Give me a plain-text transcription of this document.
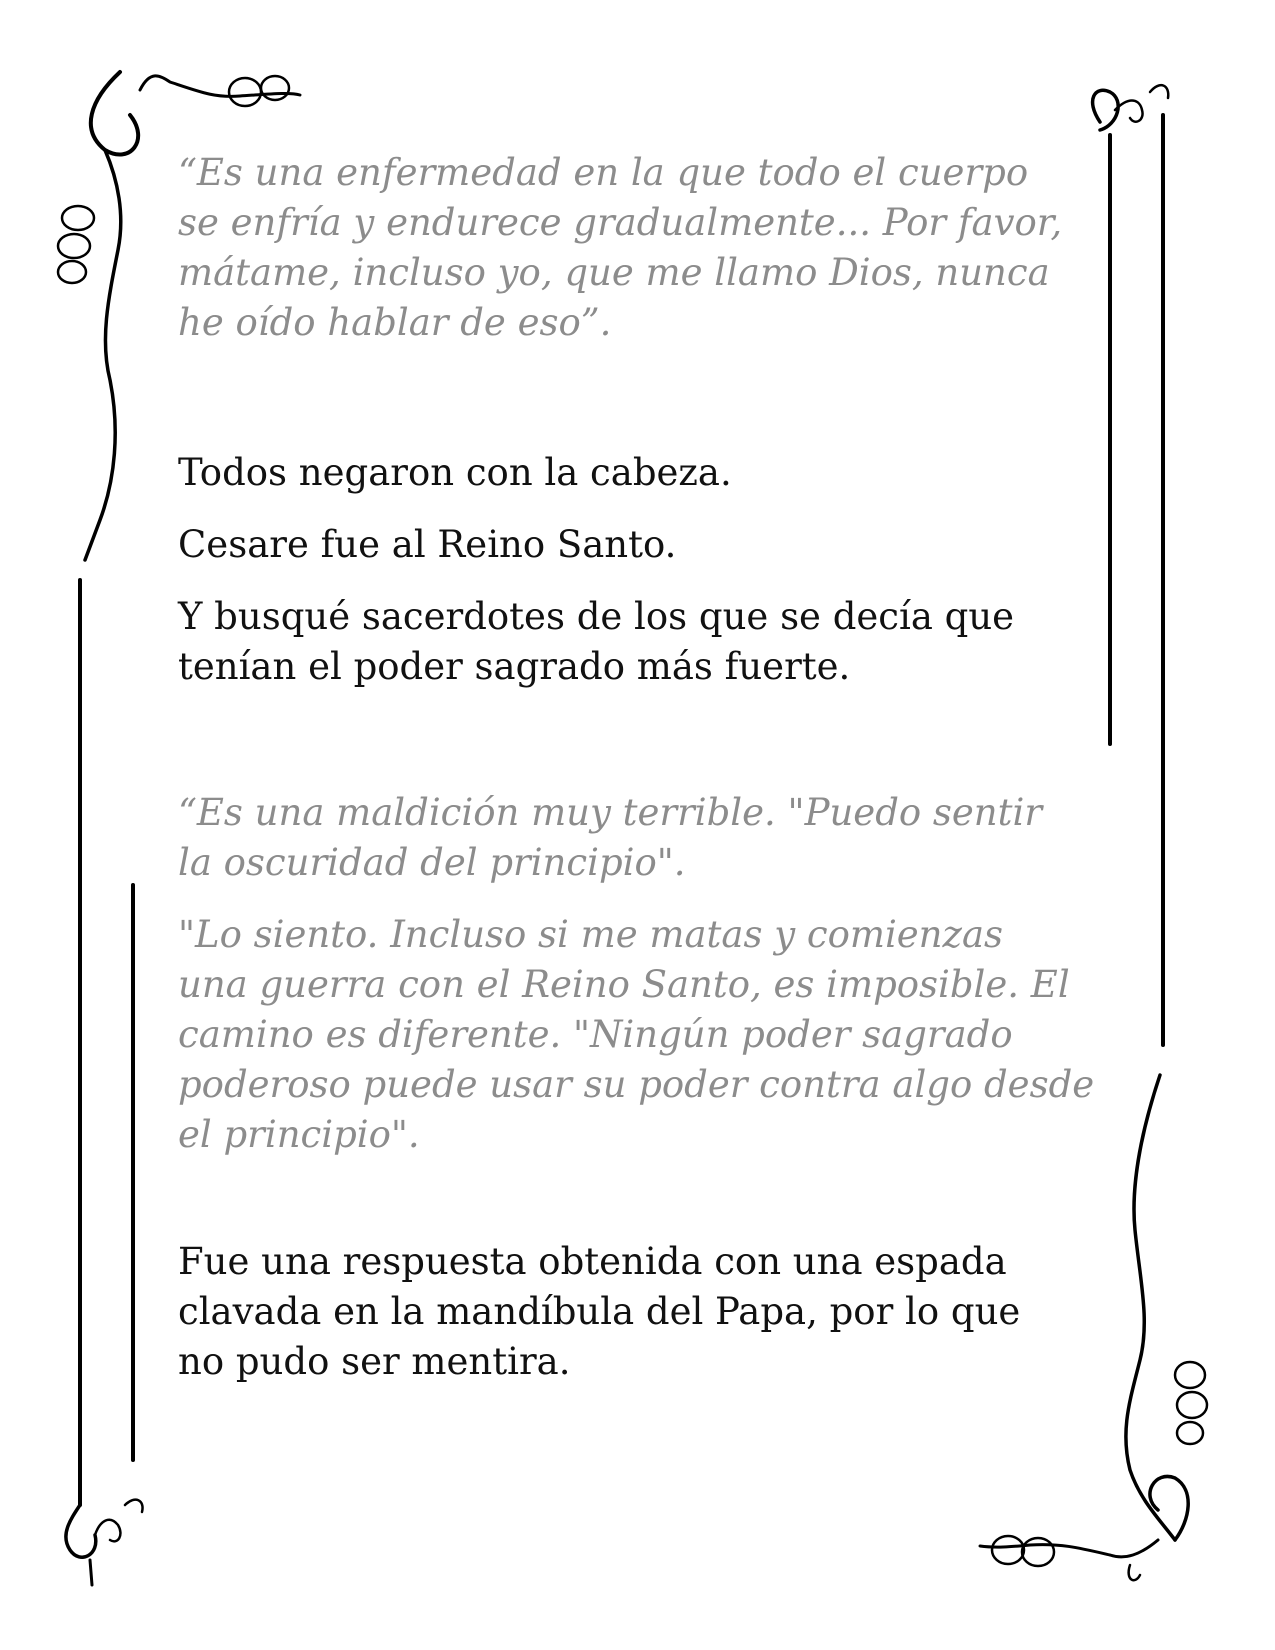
“Es una enfermedad en la que todo el cuerpo
se enfría y endurece gradualmente... Por favor,
mátame, incluso yo, que me llamo Dios, nunca
he oído hablar de eso”.

Todos negaron con la cabeza.

Cesare fue al Reino Santo.

Y busqué sacerdotes de los que se decía que
tenían el poder sagrado más fuerte.

“Es una maldición muy terrible. "Puedo sentir
la oscuridad del principio".

"Lo siento. Incluso si me matas y comienzas
una guerra con el Reino Santo, es imposible. El
camino es diferente. "Ningún poder sagrado
poderoso puede usar su poder contra algo desde
el principio".

Fue una respuesta obtenida con una espada
clavada en la mandíbula del Papa, por lo que
no pudo ser mentira.
